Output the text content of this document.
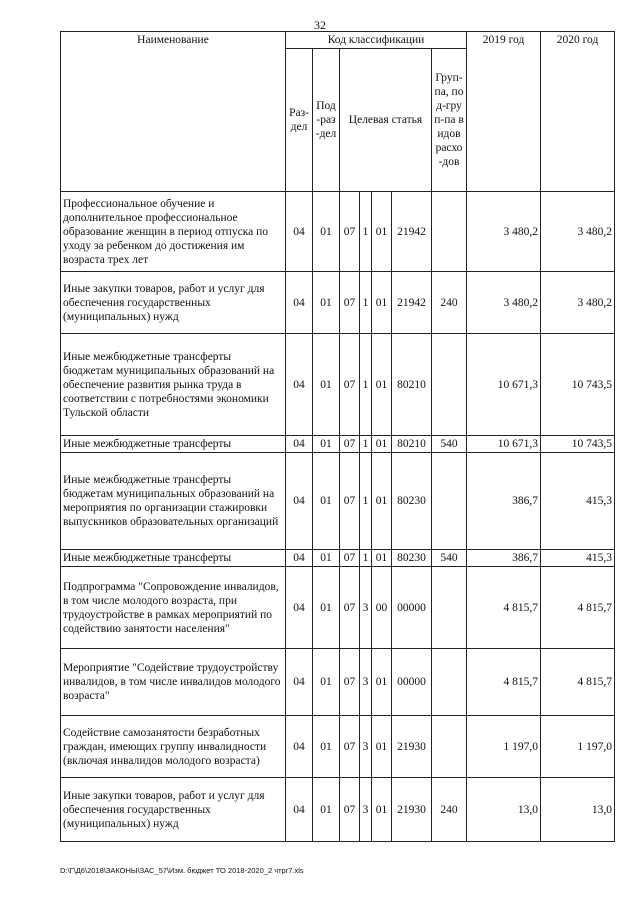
32
Наименование	Код классификации							2019 год	2020 год
	Раз-дел	Под-раз-дел	Целевая статья				Груп-па, под-груп-па видов расхо-дов		
Профессиональное обучение и дополнительное профессиональное образование женщин в период отпуска по уходу за ребенком до достижения им возраста трех лет	04	01	07	1	01	21942		3 480,2	3 480,2
Иные закупки товаров, работ и услуг для обеспечения государственных (муниципальных) нужд	04	01	07	1	01	21942	240	3 480,2	3 480,2
Иные межбюджетные трансферты бюджетам муниципальных образований на обеспечение развития рынка труда в соответствии с потребностями экономики Тульской области	04	01	07	1	01	80210		10 671,3	10 743,5
Иные межбюджетные трансферты	04	01	07	1	01	80210	540	10 671,3	10 743,5
Иные межбюджетные трансферты бюджетам муниципальных образований на мероприятия по организации стажировки выпускников образовательных организаций	04	01	07	1	01	80230		386,7	415,3
Иные межбюджетные трансферты	04	01	07	1	01	80230	540	386,7	415,3
Подпрограмма "Сопровождение инвалидов, в том числе молодого возраста, при трудоустройстве в рамках мероприятий по содействию занятости населения"	04	01	07	3	00	00000		4 815,7	4 815,7
Мероприятие "Содействие трудоустройству инвалидов, в том числе инвалидов молодого возраста"	04	01	07	3	01	00000		4 815,7	4 815,7
Содействие самозанятости безработных граждан, имеющих группу инвалидности (включая инвалидов молодого возраста)	04	01	07	3	01	21930		1 197,0	1 197,0
Иные закупки товаров, работ и услуг для обеспечения государственных (муниципальных) нужд	04	01	07	3	01	21930	240	13,0	13,0
D:\Г\Д6\2018\ЗАКОНЫ\ЗАС_57\Изм. бюджет ТО 2018-2020_2 чтpr7.xls
